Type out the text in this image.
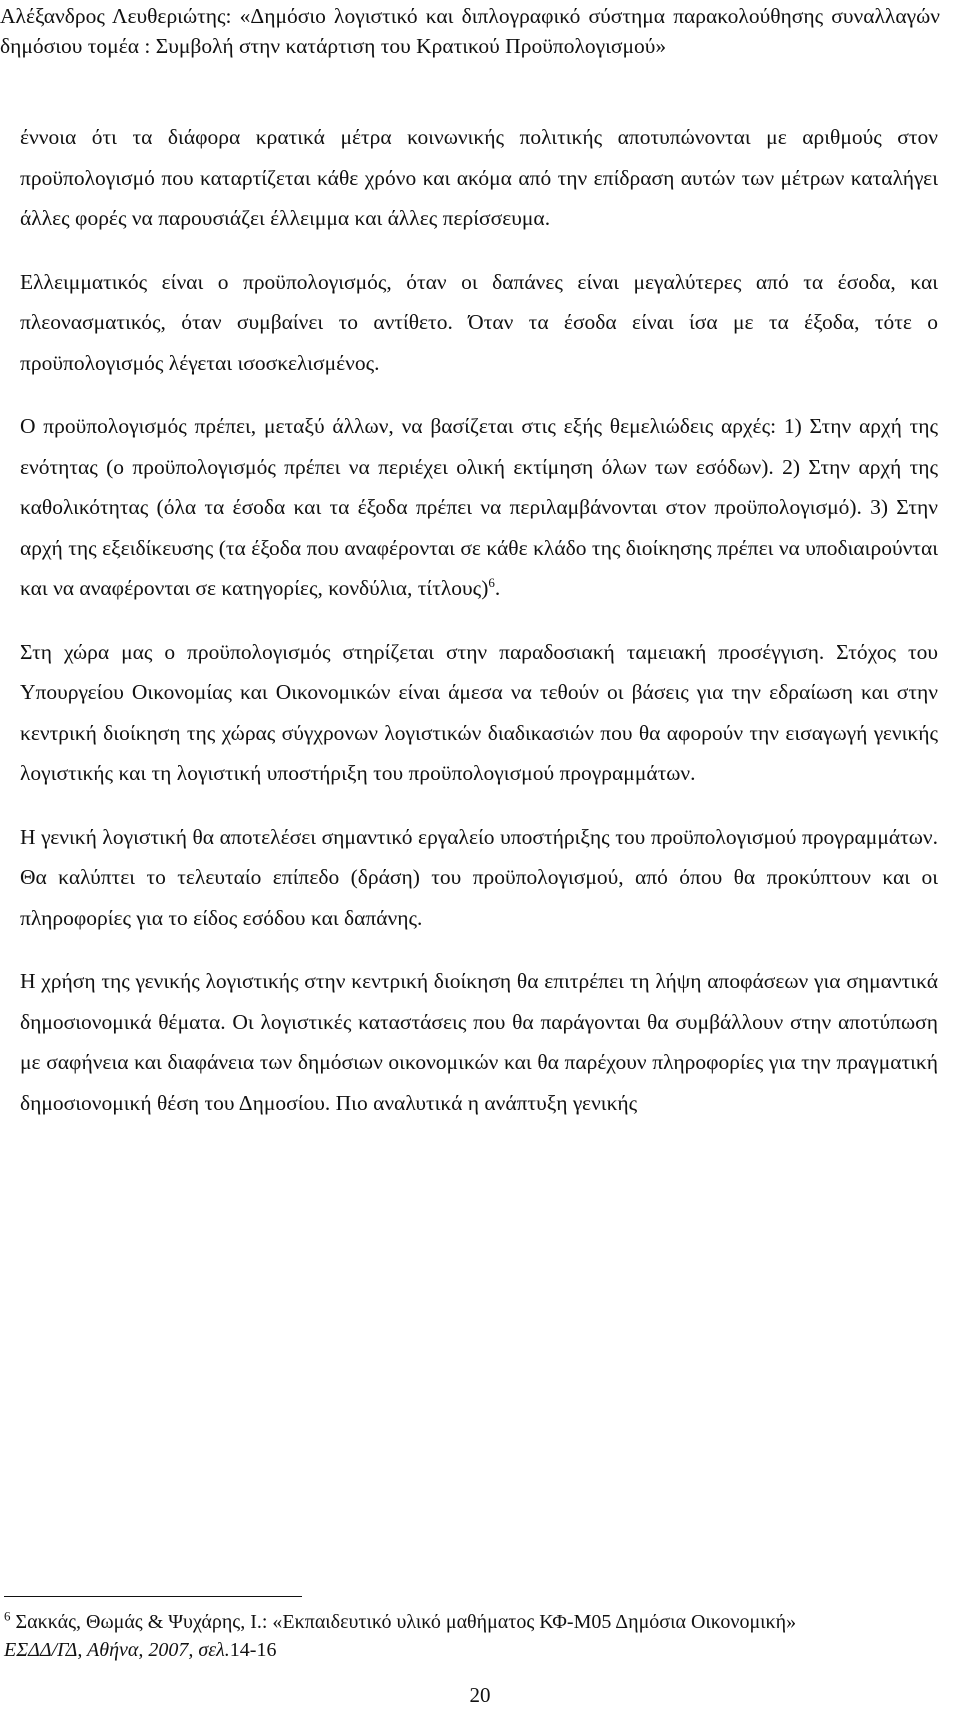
Αλέξανδρος Λευθεριώτης: «Δημόσιο λογιστικό και διπλογραφικό σύστημα παρακολούθησης συναλλαγών δημόσιου τομέα : Συμβολή στην κατάρτιση του Κρατικού Προϋπολογισμού»

έννοια ότι τα διάφορα κρατικά μέτρα κοινωνικής πολιτικής αποτυπώνονται με αριθμούς στον προϋπολογισμό που καταρτίζεται κάθε χρόνο και ακόμα από την επίδραση αυτών των μέτρων καταλήγει άλλες φορές να παρουσιάζει έλλειμμα και άλλες περίσσευμα.

Ελλειμματικός είναι ο προϋπολογισμός, όταν οι δαπάνες είναι μεγαλύτερες από τα έσοδα, και πλεονασματικός, όταν συμβαίνει το αντίθετο. Όταν τα έσοδα είναι ίσα με τα έξοδα, τότε ο προϋπολογισμός λέγεται ισοσκελισμένος.

Ο προϋπολογισμός πρέπει, μεταξύ άλλων, να βασίζεται στις εξής θεμελιώδεις αρχές: 1) Στην αρχή της ενότητας (ο προϋπολογισμός πρέπει να περιέχει ολική εκτίμηση όλων των εσόδων). 2) Στην αρχή της καθολικότητας (όλα τα έσοδα και τα έξοδα πρέπει να περιλαμβάνονται στον προϋπολογισμό). 3) Στην αρχή της εξειδίκευσης (τα έξοδα που αναφέρονται σε κάθε κλάδο της διοίκησης πρέπει να υποδιαιρούνται και να αναφέρονται σε κατηγορίες, κονδύλια, τίτλους)$^6$.

Στη χώρα μας ο προϋπολογισμός στηρίζεται στην παραδοσιακή ταμειακή προσέγγιση. Στόχος του Υπουργείου Οικονομίας και Οικονομικών είναι άμεσα να τεθούν οι βάσεις για την εδραίωση και στην κεντρική διοίκηση της χώρας σύγχρονων λογιστικών διαδικασιών που θα αφορούν την εισαγωγή γενικής λογιστικής και τη λογιστική υποστήριξη του προϋπολογισμού προγραμμάτων.

Η γενική λογιστική θα αποτελέσει σημαντικό εργαλείο υποστήριξης του προϋπολογισμού προγραμμάτων. Θα καλύπτει το τελευταίο επίπεδο (δράση) του προϋπολογισμού, από όπου θα προκύπτουν και οι πληροφορίες για το είδος εσόδου και δαπάνης.

Η χρήση της γενικής λογιστικής στην κεντρική διοίκηση θα επιτρέπει τη λήψη αποφάσεων για σημαντικά δημοσιονομικά θέματα. Οι λογιστικές καταστάσεις που θα παράγονται θα συμβάλλουν στην αποτύπωση με σαφήνεια και διαφάνεια των δημόσιων οικονομικών και θα παρέχουν πληροφορίες για την πραγματική δημοσιονομική θέση του Δημοσίου. Πιο αναλυτικά η ανάπτυξη γενικής

$^6$ Σακκάς, Θωμάς & Ψυχάρης, Ι.: «Εκπαιδευτικό υλικό μαθήματος ΚΦ-Μ05 Δημόσια Οικονομική»
ΕΣΔΔ/ΓΔ, Αθήνα, 2007, σελ.14-16
20
